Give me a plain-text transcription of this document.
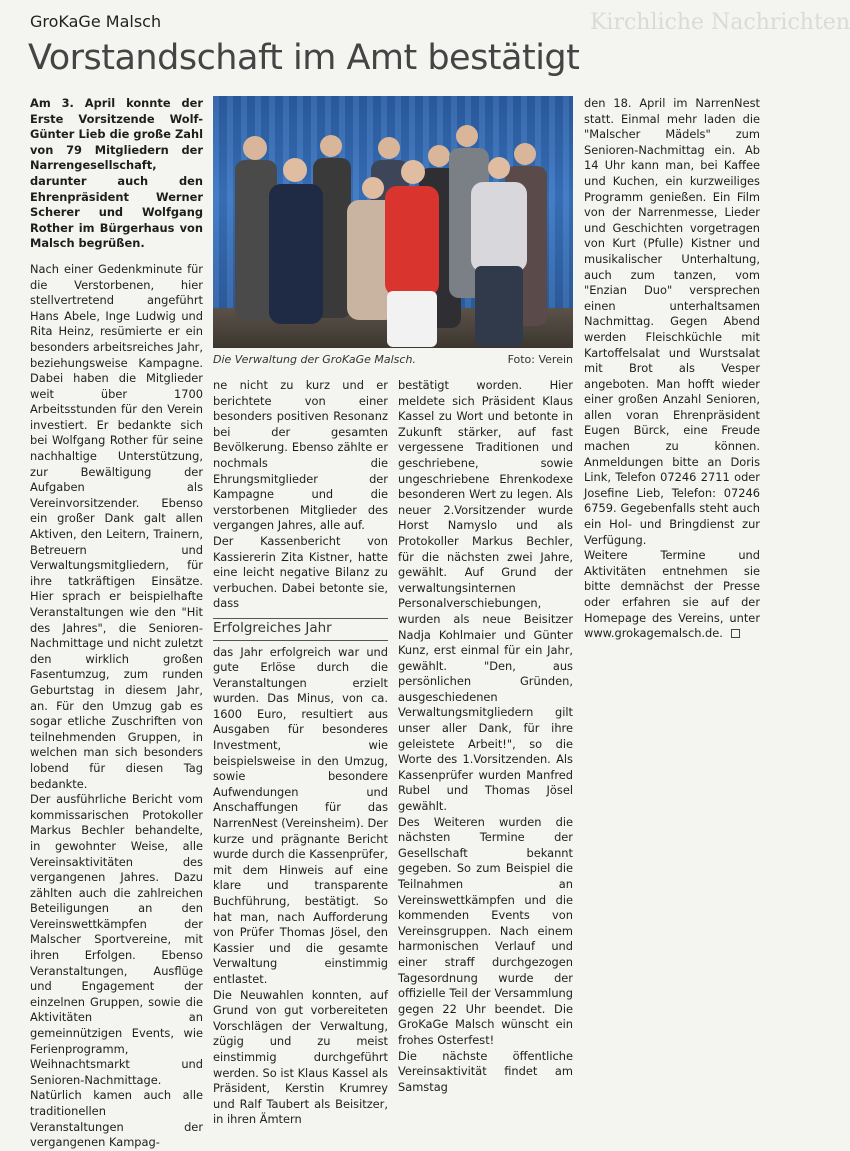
GroKaGe Malsch	Kirchliche Nachrichten
Vorstandschaft im Amt bestätigt

Am 3. April konnte der Erste Vorsitzende Wolf-Günter Lieb die große Zahl von 79 Mitgliedern der Narrengesellschaft, darunter auch den Ehrenpräsident Werner Scherer und Wolfgang Rother im Bürgerhaus von Malsch begrüßen.

Nach einer Gedenkminute für die Verstorbenen, hier stellvertretend angeführt Hans Abele, Inge Ludwig und Rita Heinz, resümierte er ein besonders arbeitsreiches Jahr, beziehungsweise Kampagne. Dabei haben die Mitglieder weit über 1700 Arbeitsstunden für den Verein investiert. Er bedankte sich bei Wolfgang Rother für seine nachhaltige Unterstützung, zur Bewältigung der Aufgaben als Vereinvorsitzender. Ebenso ein großer Dank galt allen Aktiven, den Leitern, Trainern, Betreuern und Verwaltungsmitgliedern, für ihre tatkräftigen Einsätze. Hier sprach er beispielhafte Veranstaltungen wie den "Hit des Jahres", die Senioren-Nachmittage und nicht zuletzt den wirklich großen Fasentumzug, zum runden Geburtstag in diesem Jahr, an. Für den Umzug gab es sogar etliche Zuschriften von teilnehmenden Gruppen, in welchen man sich besonders lobend für diesen Tag bedankte.

Der ausführliche Bericht vom kommissarischen Protokoller Markus Bechler behandelte, in gewohnter Weise, alle Vereinsaktivitäten des vergangenen Jahres. Dazu zählten auch die zahlreichen Beteiligungen an den Vereinswettkämpfen der Malscher Sportvereine, mit ihren Erfolgen. Ebenso Veranstaltungen, Ausflüge und Engagement der einzelnen Gruppen, sowie die Aktivitäten an gemeinnützigen Events, wie Ferienprogramm, Weihnachtsmarkt und Senioren-Nachmittage. Natürlich kamen auch alle traditionellen Veranstaltungen der vergangenen Kampag-

Die Verwaltung der GroKaGe Malsch.	Foto: Verein

ne nicht zu kurz und er berichtete von einer besonders positiven Resonanz bei der gesamten Bevölkerung. Ebenso zählte er nochmals die Ehrungsmitglieder der Kampagne und die verstorbenen Mitglieder des vergangen Jahres, alle auf.

Der Kassenbericht von Kassiererin Zita Kistner, hatte eine leicht negative Bilanz zu verbuchen. Dabei betonte sie, dass

Erfolgreiches Jahr

das Jahr erfolgreich war und gute Erlöse durch die Veranstaltungen erzielt wurden. Das Minus, von ca. 1600 Euro, resultiert aus Ausgaben für besonderes Investment, wie beispielsweise in den Umzug, sowie besondere Aufwendungen und Anschaffungen für das NarrenNest (Vereinsheim). Der kurze und prägnante Bericht wurde durch die Kassenprüfer, mit dem Hinweis auf eine klare und transparente Buchführung, bestätigt. So hat man, nach Aufforderung von Prüfer Thomas Jösel, den Kassier und die gesamte Verwaltung einstimmig entlastet.

Die Neuwahlen konnten, auf Grund von gut vorbereiteten Vorschlägen der Verwaltung, zügig und zu meist einstimmig durchgeführt werden. So ist Klaus Kassel als Präsident, Kerstin Krumrey und Ralf Taubert als Beisitzer, in ihren Ämtern

bestätigt worden. Hier meldete sich Präsident Klaus Kassel zu Wort und betonte in Zukunft stärker, auf fast vergessene Traditionen und geschriebene, sowie ungeschriebene Ehrenkodexe besonderen Wert zu legen. Als neuer 2.Vorsitzender wurde Horst Namyslo und als Protokoller Markus Bechler, für die nächsten zwei Jahre, gewählt. Auf Grund der verwaltungsinternen Personalverschiebungen, wurden als neue Beisitzer Nadja Kohlmaier und Günter Kunz, erst einmal für ein Jahr, gewählt. "Den, aus persönlichen Gründen, ausgeschiedenen Verwaltungsmitgliedern gilt unser aller Dank, für ihre geleistete Arbeit!", so die Worte des 1.Vorsitzenden. Als Kassenprüfer wurden Manfred Rubel und Thomas Jösel gewählt.

Des Weiteren wurden die nächsten Termine der Gesellschaft bekannt gegeben. So zum Beispiel die Teilnahmen an Vereinswettkämpfen und die kommenden Events von Vereinsgruppen. Nach einem harmonischen Verlauf und einer straff durchgezogen Tagesordnung wurde der offizielle Teil der Versammlung gegen 22 Uhr beendet. Die GroKaGe Malsch wünscht ein frohes Osterfest!

Die nächste öffentliche Vereinsaktivität findet am Samstag

den 18. April im NarrenNest statt. Einmal mehr laden die "Malscher Mädels" zum Senioren-Nachmittag ein. Ab 14 Uhr kann man, bei Kaffee und Kuchen, ein kurzweiliges Programm genießen. Ein Film von der Narrenmesse, Lieder und Geschichten vorgetragen von Kurt (Pfulle) Kistner und musikalischer Unterhaltung, auch zum tanzen, vom "Enzian Duo" versprechen einen unterhaltsamen Nachmittag. Gegen Abend werden Fleischküchle mit Kartoffelsalat und Wurstsalat mit Brot als Vesper angeboten. Man hofft wieder einer großen Anzahl Senioren, allen voran Ehrenpräsident Eugen Bürck, eine Freude machen zu können. Anmeldungen bitte an Doris Link, Telefon 07246 2711 oder Josefine Lieb, Telefon: 07246 6759. Gegebenfalls steht auch ein Hol- und Bringdienst zur Verfügung.

Weitere Termine und Aktivitäten entnehmen sie bitte demnächst der Presse oder erfahren sie auf der Homepage des Vereins, unter www.grokagemalsch.de.
